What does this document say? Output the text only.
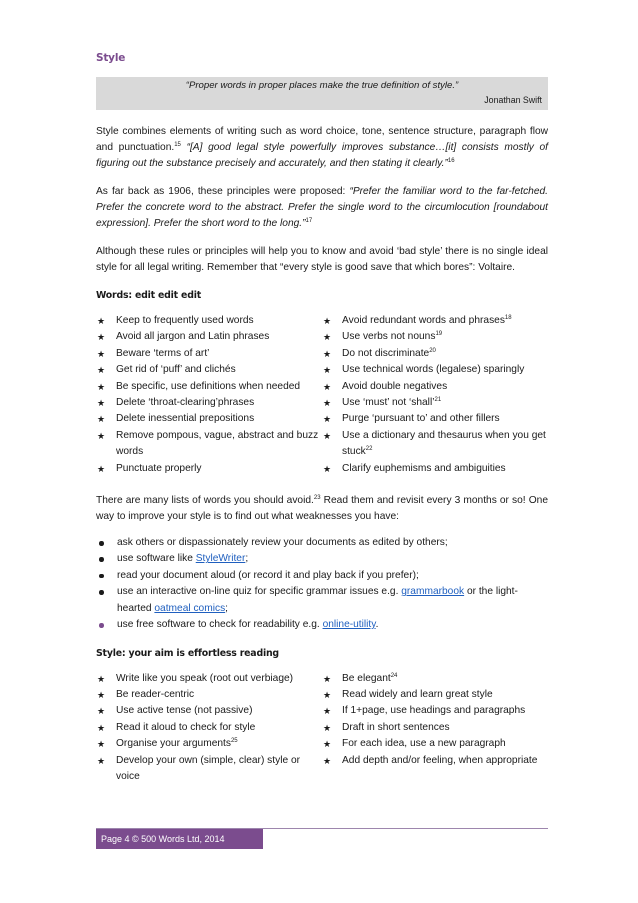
Style
“Proper words in proper places make the true definition of style.”
Jonathan Swift

Style combines elements of writing such as word choice, tone, sentence structure, paragraph flow and punctuation.$^{15}$ “[A] good legal style powerfully improves substance…[it] consists mostly of figuring out the substance precisely and accurately, and then stating it clearly.”$^{16}$

As far back as 1906, these principles were proposed: “Prefer the familiar word to the far-fetched. Prefer the concrete word to the abstract. Prefer the single word to the circumlocution [roundabout expression]. Prefer the short word to the long.”$^{17}$

Although these rules or principles will help you to know and avoid ‘bad style’ there is no single ideal style for all legal writing. Remember that “every style is good save that which bores”: Voltaire.

Words: edit edit edit
★ Keep to frequently used words
★ Avoid all jargon and Latin phrases
★ Beware ‘terms of art’
★ Get rid of ‘puff’ and clichés
★ Be specific, use definitions when needed
★ Delete ‘throat-clearing’phrases
★ Delete inessential prepositions
★ Remove pompous, vague, abstract and buzz words
★ Punctuate properly
★ Avoid redundant words and phrases$^{18}$
★ Use verbs not nouns$^{19}$
★ Do not discriminate$^{20}$
★ Use technical words (legalese) sparingly
★ Avoid double negatives
★ Use ‘must’ not ‘shall’$^{21}$
★ Purge ‘pursuant to’ and other fillers
★ Use a dictionary and thesaurus when you get stuck$^{22}$
★ Clarify euphemisms and ambiguities

There are many lists of words you should avoid.$^{23}$ Read them and revisit every 3 months or so! One way to improve your style is to find out what weaknesses you have:

ask others or dispassionately review your documents as edited by others;
use software like StyleWriter;
read your document aloud (or record it and play back if you prefer);
use an interactive on-line quiz for specific grammar issues e.g. grammarbook or the light-hearted oatmeal comics;
use free software to check for readability e.g. online-utility.
Style: your aim is effortless reading
★ Write like you speak (root out verbiage)
★ Be reader-centric
★ Use active tense (not passive)
★ Read it aloud to check for style
★ Organise your arguments$^{25}$
★ Develop your own (simple, clear) style or voice
★ Be elegant$^{24}$
★ Read widely and learn great style
★ If 1+page, use headings and paragraphs
★ Draft in short sentences
★ For each idea, use a new paragraph
★ Add depth and/or feeling, when appropriate
Page 4 © 500 Words Ltd, 2014
